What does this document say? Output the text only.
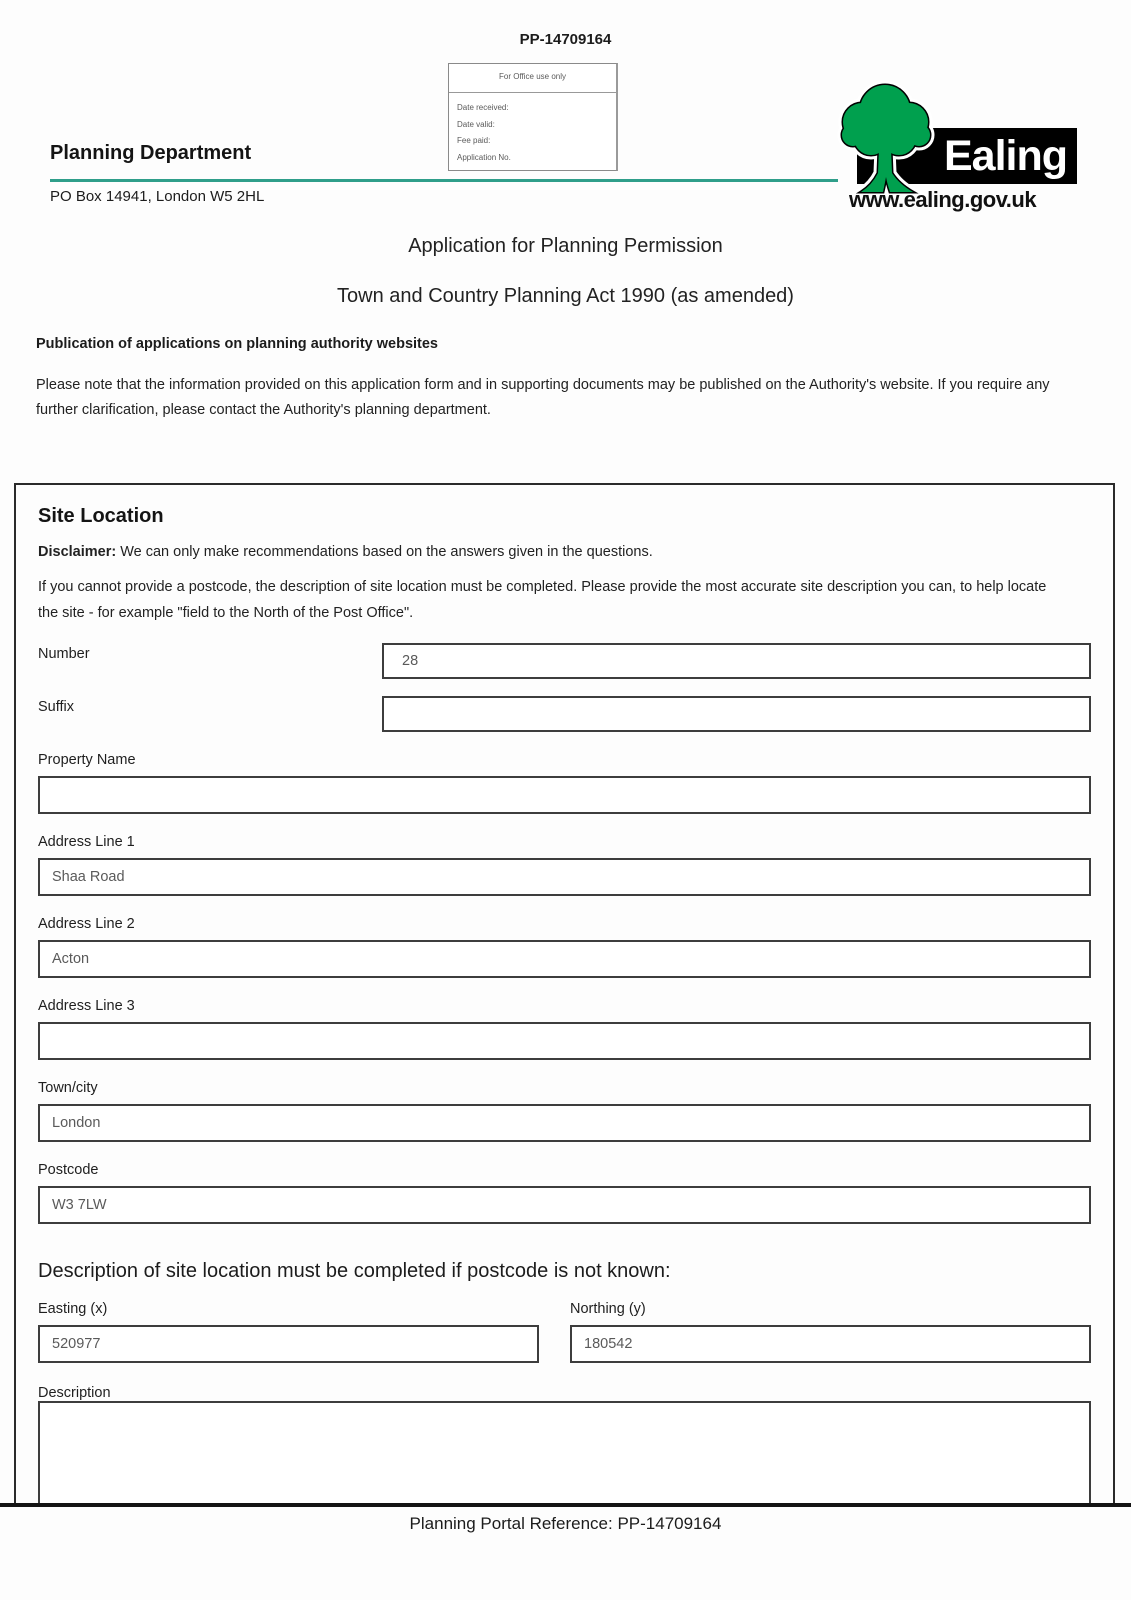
PP-14709164
For Office use only
Date received:
Date valid:
Fee paid:
Application No.
Planning Department
PO Box 14941, London W5 2HL
Ealing
www.ealing.gov.uk
Application for Planning Permission
Town and Country Planning Act 1990 (as amended)
Publication of applications on planning authority websites
Please note that the information provided on this application form and in supporting documents may be published on the Authority's website. If you require any further clarification, please contact the Authority's planning department.
Site Location
Disclaimer: We can only make recommendations based on the answers given in the questions.
If you cannot provide a postcode, the description of site location must be completed. Please provide the most accurate site description you can, to help locate the site - for example "field to the North of the Post Office".
Number
28
Suffix
Property Name
Address Line 1
Shaa Road
Address Line 2
Acton
Address Line 3
Town/city
London
Postcode
W3 7LW
Description of site location must be completed if postcode is not known:
Easting (x)
520977	Northing (y)
180542
Description
Planning Portal Reference: PP-14709164
